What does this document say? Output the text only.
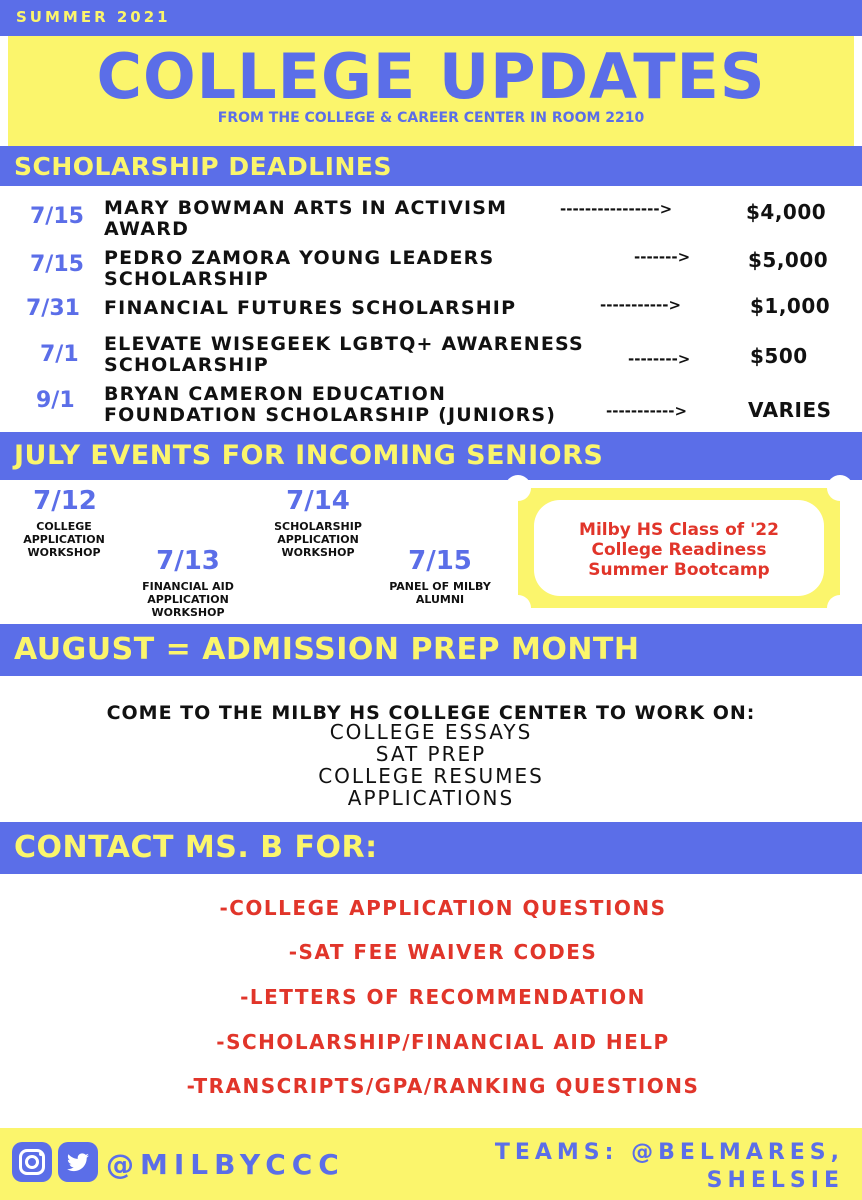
SUMMER 2021
COLLEGE UPDATES
FROM THE COLLEGE & CAREER CENTER IN ROOM 2210
SCHOLARSHIP DEADLINES
7/15 MARY BOWMAN ARTS IN ACTIVISM
AWARD
---------------->	$4,000
7/15 PEDRO ZAMORA YOUNG LEADERS
SCHOLARSHIP
------->	$5,000
7/31 FINANCIAL FUTURES SCHOLARSHIP	----------->	$1,000
7/1 ELEVATE WISEGEEK LGBTQ+ AWARENESS
SCHOLARSHIP	-------->	$500
9/1 BRYAN CAMERON EDUCATION
FOUNDATION SCHOLARSHIP (JUNIORS)	----------->	VARIES
JULY EVENTS FOR INCOMING SENIORS
7/12
COLLEGE
APPLICATION
WORKSHOP	7/13
FINANCIAL AID
APPLICATION
WORKSHOP
7/14
SCHOLARSHIP
APPLICATION
WORKSHOP	7/15
PANEL OF MILBY
ALUMNI
Milby HS Class of '22
College Readiness
Summer Bootcamp
AUGUST = ADMISSION PREP MONTH
COME TO THE MILBY HS COLLEGE CENTER TO WORK ON:
COLLEGE ESSAYS
SAT PREP
COLLEGE RESUMES
APPLICATIONS
CONTACT MS. B FOR:
-COLLEGE APPLICATION QUESTIONS
-SAT FEE WAIVER CODES
-LETTERS OF RECOMMENDATION
-SCHOLARSHIP/FINANCIAL AID HELP
-TRANSCRIPTS/GPA/RANKING QUESTIONS
@MILBYCCC	TEAMS: @BELMARES,
SHELSIE
